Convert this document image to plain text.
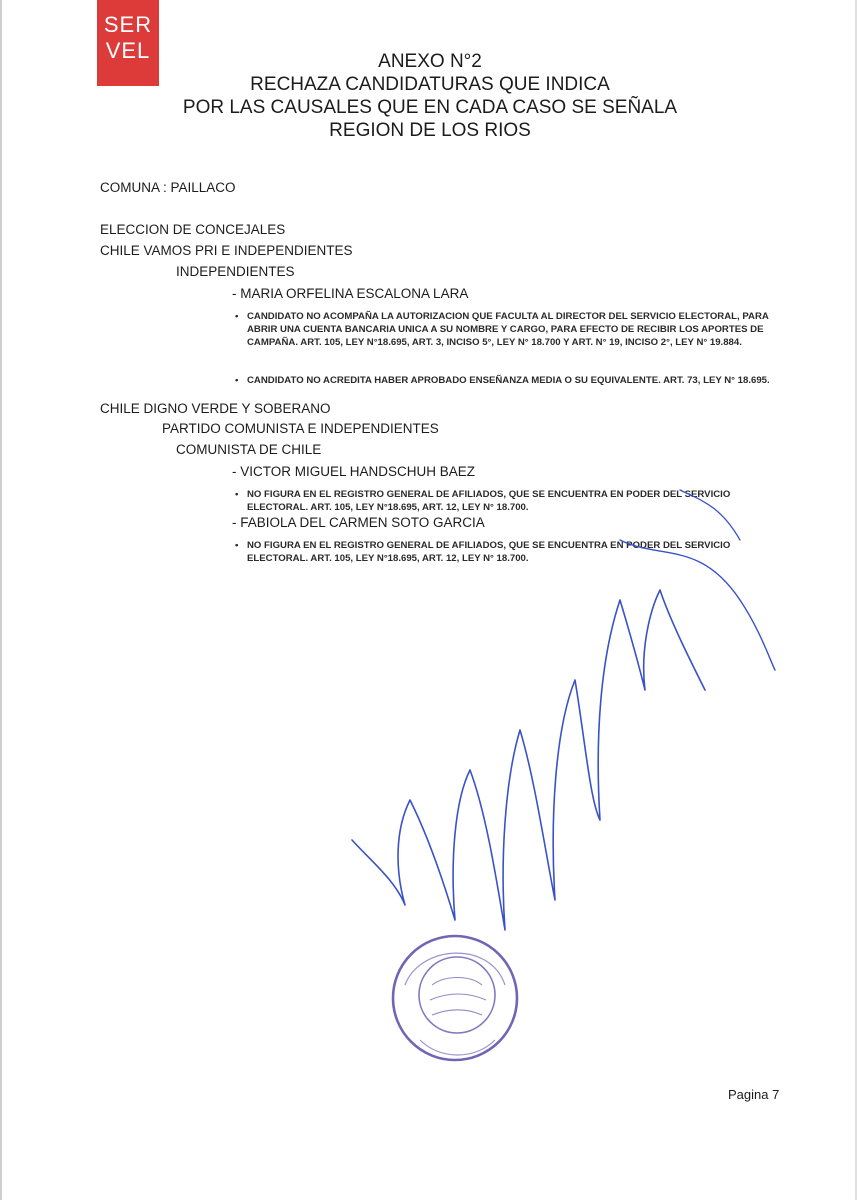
SER
VEL	ANEXO N°2
RECHAZA CANDIDATURAS QUE INDICA
POR LAS CAUSALES QUE EN CADA CASO SE SEÑALA
REGION DE LOS RIOS
COMUNA : PAILLACO
ELECCION DE CONCEJALES
CHILE VAMOS PRI E INDEPENDIENTES
INDEPENDIENTES
- MARIA ORFELINA ESCALONA LARA
• CANDIDATO NO ACOMPAÑA LA AUTORIZACION QUE FACULTA AL DIRECTOR DEL SERVICIO ELECTORAL, PARA ABRIR UNA CUENTA BANCARIA UNICA A SU NOMBRE Y CARGO, PARA EFECTO DE RECIBIR LOS APORTES DE CAMPAÑA. ART. 105, LEY N°18.695, ART. 3, INCISO 5°, LEY N° 18.700 Y ART. N° 19, INCISO 2°, LEY N° 19.884.
• CANDIDATO NO ACREDITA HABER APROBADO ENSEÑANZA MEDIA O SU EQUIVALENTE. ART. 73, LEY N° 18.695.
CHILE DIGNO VERDE Y SOBERANO
PARTIDO COMUNISTA E INDEPENDIENTES
COMUNISTA DE CHILE
- VICTOR MIGUEL HANDSCHUH BAEZ
• NO FIGURA EN EL REGISTRO GENERAL DE AFILIADOS, QUE SE ENCUENTRA EN PODER DEL SERVICIO ELECTORAL. ART. 105, LEY N°18.695, ART. 12, LEY N° 18.700.
- FABIOLA DEL CARMEN SOTO GARCIA
• NO FIGURA EN EL REGISTRO GENERAL DE AFILIADOS, QUE SE ENCUENTRA EN PODER DEL SERVICIO ELECTORAL. ART. 105, LEY N°18.695, ART. 12, LEY N° 18.700.
Pagina 7
